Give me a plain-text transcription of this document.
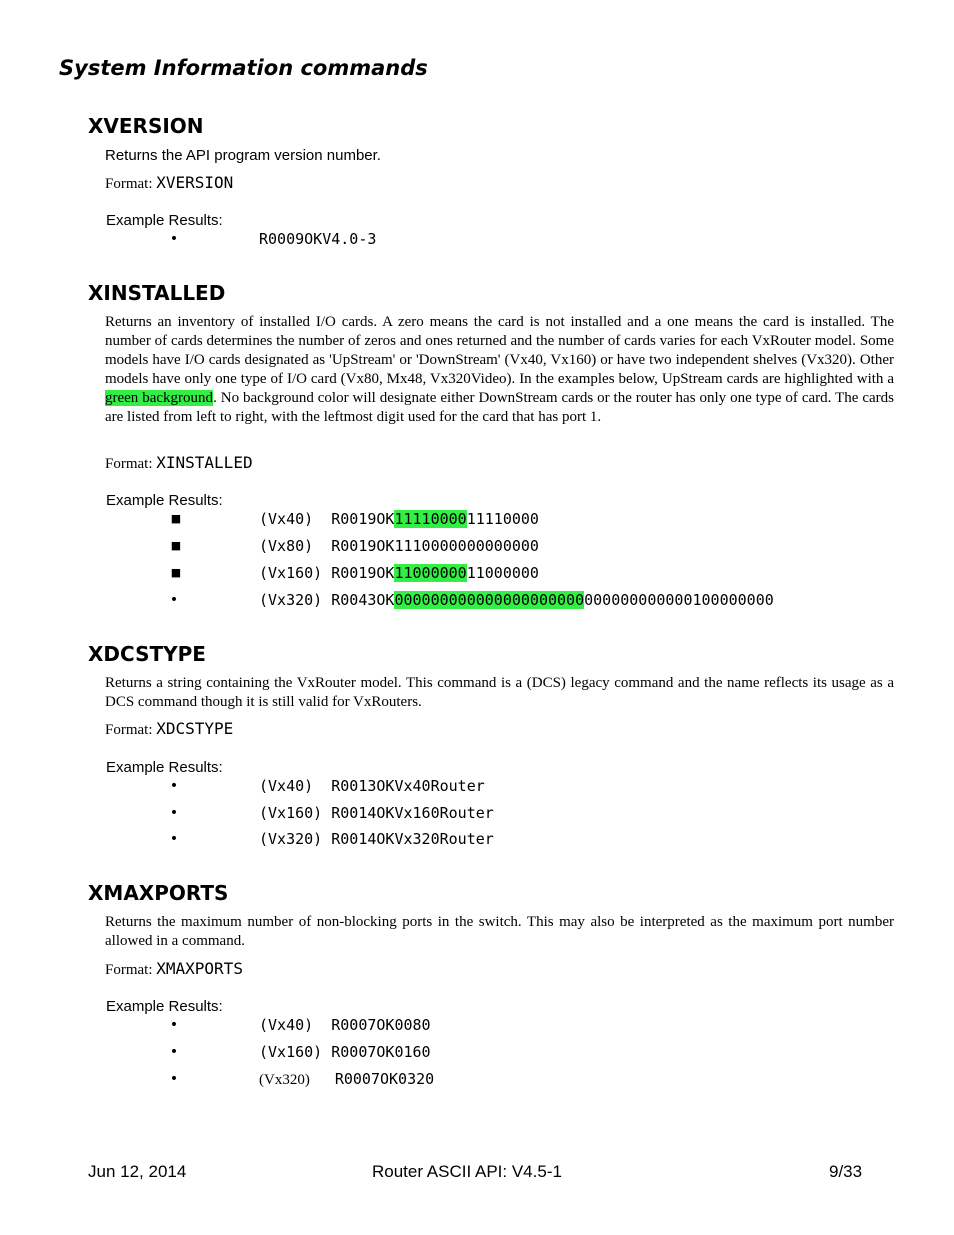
System Information commands
XVERSION
Returns the API program version number.
Format: XVERSION
Example Results:
•	R0009OKV4.0-3
XINSTALLED

Returns an inventory of installed I/O cards. A zero means the card is not installed and a one means the card is installed. The number of cards determines the number of zeros and ones returned and the number of cards varies for each VxRouter model. Some models have I/O cards designated as 'UpStream' or 'DownStream' (Vx40, Vx160) or have two independent shelves (Vx320). Other models have only one type of I/O card (Vx80, Mx48, Vx320Video). In the examples below, UpStream cards are highlighted with a green background. No background color will designate either DownStream cards or the router has only one type of card. The cards are listed from left to right, with the leftmost digit used for the card that has port 1.

Format: XINSTALLED
Example Results:
■	(Vx40)  R0019OK1111000011110000
■	(Vx80)  R0019OK1110000000000000
■	(Vx160) R0019OK1100000011000000
•	(Vx320) R0043OK000000000000000000000000000000000100000000
XDCSTYPE

Returns a string containing the VxRouter model. This command is a (DCS) legacy command and the name reflects its usage as a DCS command though it is still valid for VxRouters.

Format: XDCSTYPE
Example Results:
•	(Vx40)  R0013OKVx40Router
•	(Vx160) R0014OKVx160Router
•	(Vx320) R0014OKVx320Router
XMAXPORTS

Returns the maximum number of non-blocking ports in the switch. This may also be interpreted as the maximum port number allowed in a command.

Format: XMAXPORTS
Example Results:
•	(Vx40)  R0007OK0080
•	(Vx160) R0007OK0160
•	(Vx320) R0007OK0320
Jun 12, 2014	Router ASCII API: V4.5-1	9/33
